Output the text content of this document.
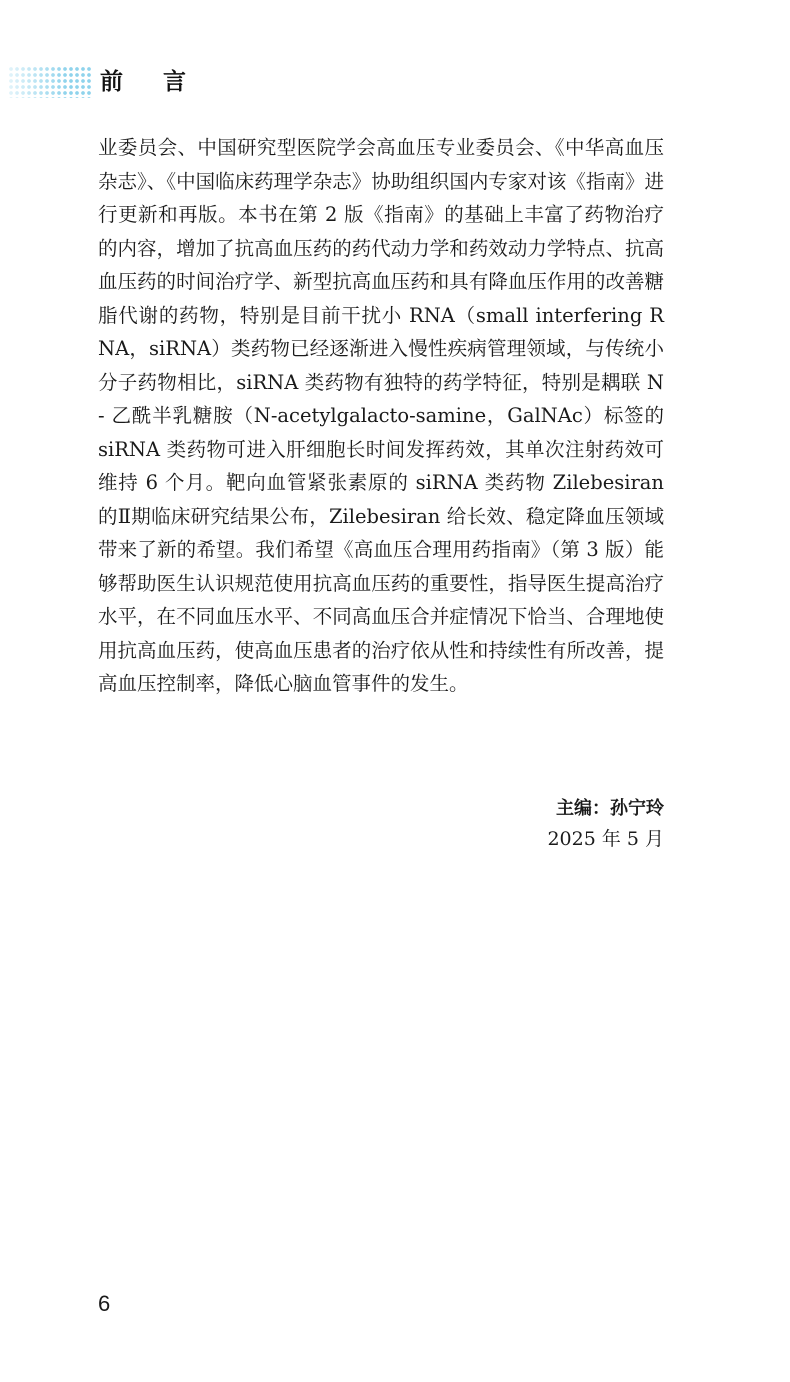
前言

业委员会、中国研究型医院学会高血压专业委员会、《中华高血压杂志》、《中国临床药理学杂志》协助组织国内专家对该《指南》进行更新和再版。本书在第 2 版《指南》的基础上丰富了药物治疗的内容，增加了抗高血压药的药代动力学和药效动力学特点、抗高血压药的时间治疗学、新型抗高血压药和具有降血压作用的改善糖脂代谢的药物，特别是目前干扰小 RNA（small interfering RNA，siRNA）类药物已经逐渐进入慢性疾病管理领域，与传统小分子药物相比，siRNA 类药物有独特的药学特征，特别是耦联 N- 乙酰半乳糖胺（N-acetylgalacto-samine，GalNAc）标签的 siRNA 类药物可进入肝细胞长时间发挥药效，其单次注射药效可维持 6 个月。靶向血管紧张素原的 siRNA 类药物 Zilebesiran 的Ⅱ期临床研究结果公布，Zilebesiran 给长效、稳定降血压领域带来了新的希望。我们希望《高血压合理用药指南》（第 3 版）能够帮助医生认识规范使用抗高血压药的重要性，指导医生提高治疗水平，在不同血压水平、不同高血压合并症情况下恰当、合理地使用抗高血压药，使高血压患者的治疗依从性和持续性有所改善，提高血压控制率，降低心脑血管事件的发生。

主编：孙宁玲
2025 年 5 月
6
